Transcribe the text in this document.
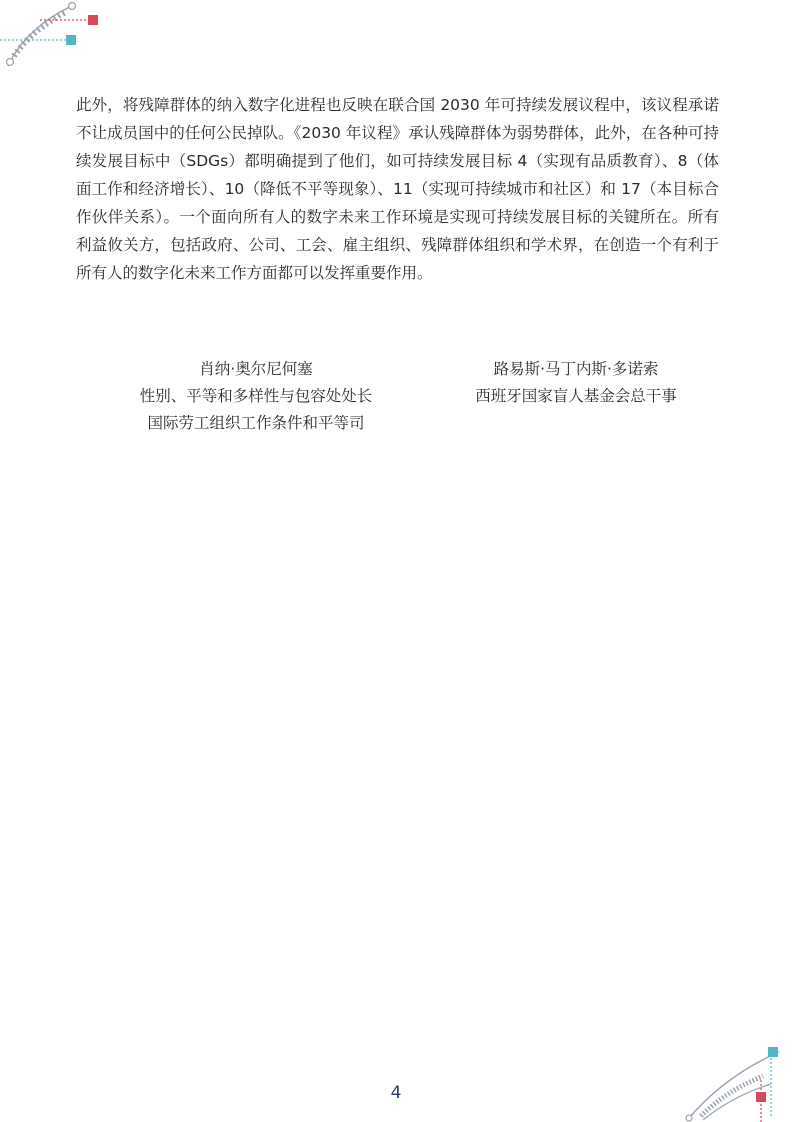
此外，将残障群体的纳入数字化进程也反映在联合国 2030 年可持续发展议程中，该议程承诺不让成员国中的任何公民掉队。《2030 年议程》承认残障群体为弱势群体，此外，在各种可持续发展目标中（SDGs）都明确提到了他们，如可持续发展目标 4（实现有品质教育）、8（体面工作和经济增长）、10（降低不平等现象）、11（实现可持续城市和社区）和 17（本目标合作伙伴关系）。一个面向所有人的数字未来工作环境是实现可持续发展目标的关键所在。所有利益攸关方，包括政府、公司、工会、雇主组织、残障群体组织和学术界，在创造一个有利于所有人的数字化未来工作方面都可以发挥重要作用。

肖纳·奥尔尼何塞
性别、平等和多样性与包容处处长
国际劳工组织工作条件和平等司
路易斯·马丁内斯·多诺索
西班牙国家盲人基金会总干事
4
